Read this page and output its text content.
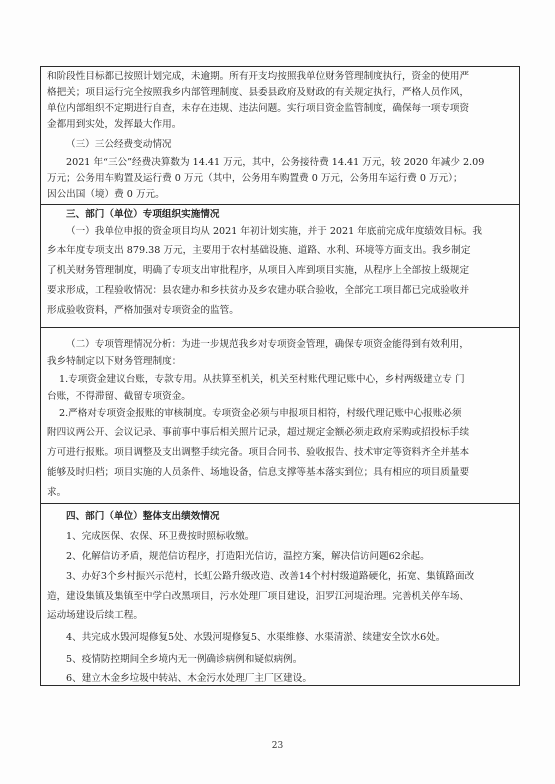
和阶段性目标都已按照计划完成，未逾期。所有开支均按照我单位财务管理制度执行，资金的使用严

格把关；项目运行完全按照我乡内部管理制度、县委县政府及财政的有关规定执行，严格人员作风，

单位内部组织不定期进行自查，未存在违规、违法问题。实行项目资金监管制度，确保每一项专项资

金都用到实处，发挥最大作用。

（三）三公经费变动情况

2021 年“三公”经费决算数为 14.41 万元，其中，公务接待费 14.41 万元，较 2020 年减少 2.09

万元；公务用车购置及运行费 0 万元（其中，公务用车购置费 0 万元，公务用车运行费 0 万元）；

因公出国（境）费 0 万元。

三、部门（单位）专项组织实施情况

（一）我单位申报的资金项目均从 2021 年初计划实施，并于 2021 年底前完成年度绩效目标。我

乡本年度专项支出 879.38 万元，主要用于农村基础设施、道路、水利、环境等方面支出。我乡制定

了机关财务管理制度，明确了专项支出审批程序，从项目入库到项目实施，从程序上全部按上级规定

要求形成，工程验收情况：县农建办和乡扶贫办及乡农建办联合验收，全部完工项目都已完成验收并

形成验收资料，严格加强对专项资金的监管。

（二）专项管理情况分析：为进一步规范我乡对专项资金管理，确保专项资金能得到有效利用，

我乡特制定以下财务管理制度：

1.专项资金建议台账，专款专用。从扶算至机关，机关至村账代理记账中心，乡村两级建立专 门

台账，不得滞留、截留专项资金。

2.严格对专项资金报账的审核制度。专项资金必须与申报项目相符，村级代理记账中心报账必须

附四议两公开、会议记录、事前事中事后相关照片记录，超过规定金额必须走政府采购或招投标手续

方可进行报账。项目调整及支出调整手续完备。项目合同书、验收报告、技术审定等资料齐全并基本

能够及时归档；项目实施的人员条件、场地设备，信息支撑等基本落实到位；具有相应的项目质量要

求。

四、部门（单位）整体支出绩效情况

1、完成医保、农保、环卫费按时照标收缴。

2、化解信访矛盾，规范信访程序，打造阳光信访，温控方案，解决信访问题62余起。

3、办好3个乡村振兴示范村，长虹公路升级改造、改善14个村村级道路硬化，拓宽、集镇路面改

造，建设集镇及集镇至中学白改黑项目，污水处理厂项目建设，汨罗江河堤治理。完善机关停车场、

运动场建设后续工程。

4、共完成水毁河堤修复5处、水毁河堤修复5、水渠维修、水渠清淤、续建安全饮水6处。

5、疫情防控期间全乡境内无一例确诊病例和疑似病例。

6、建立木金乡垃圾中转站、木金污水处理厂主厂区建设。

23
